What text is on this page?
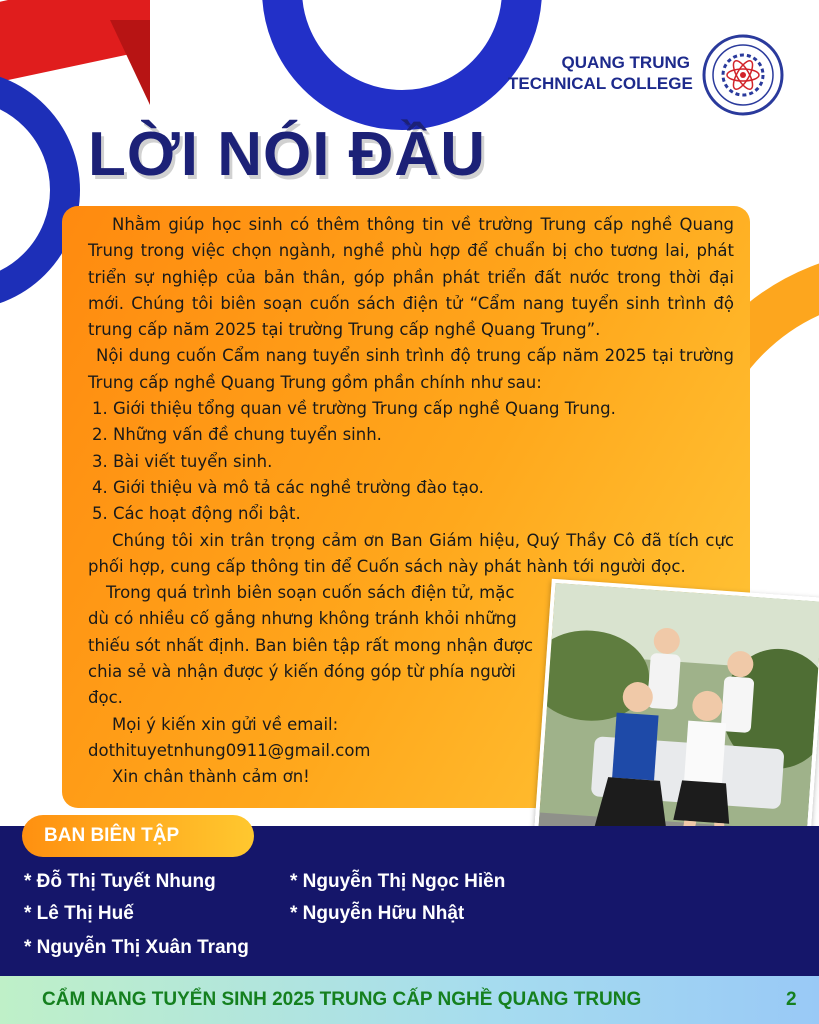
QUANG TRUNG
TECHNICAL COLLEGE
LỜI NÓI ĐẦU

Nhằm giúp học sinh có thêm thông tin về trường Trung cấp nghề Quang Trung trong việc chọn ngành, nghề phù hợp để chuẩn bị cho tương lai, phát triển sự nghiệp của bản thân, góp phần phát triển đất nước trong thời đại mới. Chúng tôi biên soạn cuốn sách điện tử “Cẩm nang tuyển sinh trình độ trung cấp năm 2025 tại trường Trung cấp nghề Quang Trung”.

Nội dung cuốn Cẩm nang tuyển sinh trình độ trung cấp năm 2025 tại trường Trung cấp nghề Quang Trung gồm phần chính như sau:

1. Giới thiệu tổng quan về trường Trung cấp nghề Quang Trung.
2. Những vấn đề chung tuyển sinh.
3. Bài viết tuyển sinh.
4. Giới thiệu và mô tả các nghề trường đào tạo.
5. Các hoạt động nổi bật.

Chúng tôi xin trân trọng cảm ơn Ban Giám hiệu, Quý Thầy Cô đã tích cực phối hợp, cung cấp thông tin để Cuốn sách này phát hành tới người đọc.

Trong quá trình biên soạn cuốn sách điện tử, mặc dù có nhiều cố gắng nhưng không tránh khỏi những thiếu sót nhất định. Ban biên tập rất mong nhận được chia sẻ và nhận được ý kiến đóng góp từ phía người đọc.

Mọi ý kiến xin gửi về email:

dothituyetnhung0911@gmail.com

Xin chân thành cảm ơn!

BAN BIÊN TẬP
* Đỗ Thị Tuyết Nhung	* Nguyễn Thị Ngọc Hiền
* Lê Thị Huế	* Nguyễn Hữu Nhật
* Nguyễn Thị Xuân Trang
CẨM NANG TUYỂN SINH 2025 TRUNG CẤP NGHỀ QUANG TRUNG	2
